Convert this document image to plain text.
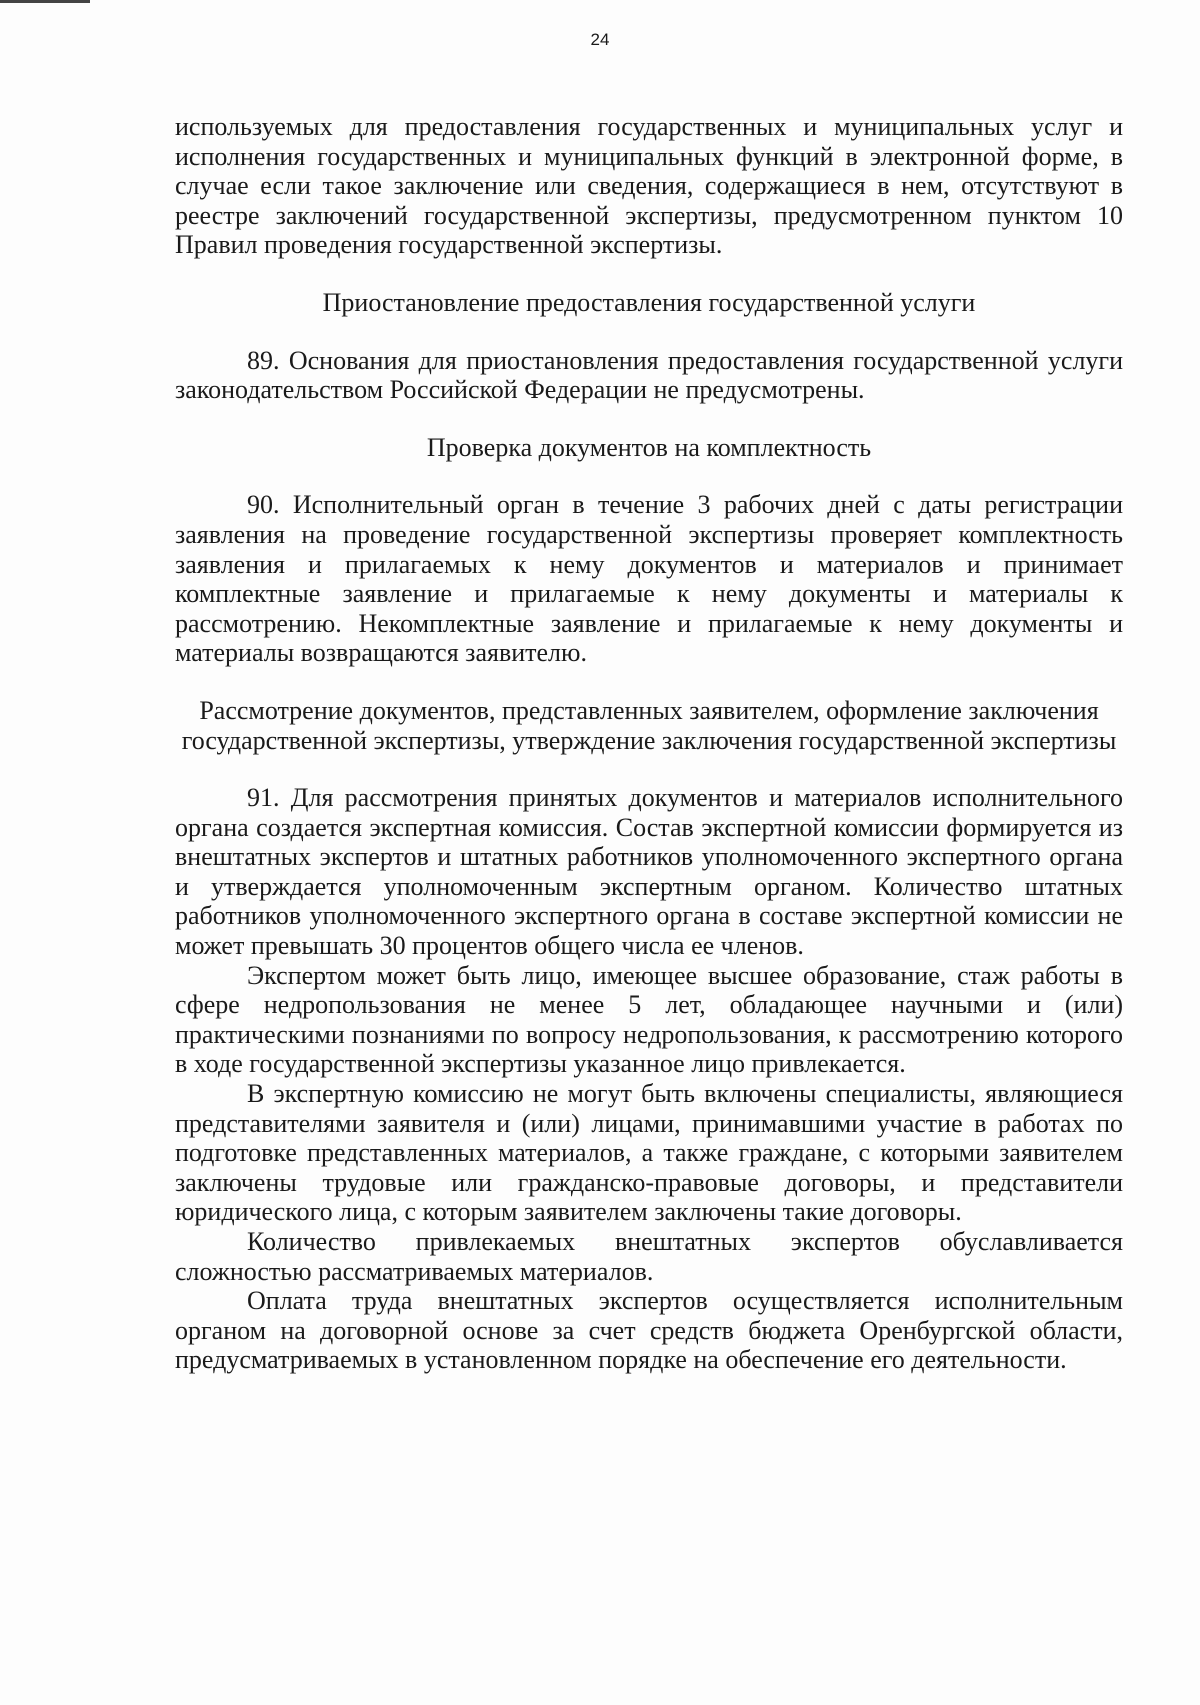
24

используемых для предоставления государственных и муниципальных услуг и исполнения государственных и муниципальных функций в электронной форме, в случае если такое заключение или сведения, содержащиеся в нем, отсутствуют в реестре заключений государственной экспертизы, предусмотренном пунктом 10 Правил проведения государственной экспертизы.

Приостановление предоставления государственной услуги

89. Основания для приостановления предоставления государственной услуги законодательством Российской Федерации не предусмотрены.

Проверка документов на комплектность

90. Исполнительный орган в течение 3 рабочих дней с даты регистрации заявления на проведение государственной экспертизы проверяет комплектность заявления и прилагаемых к нему документов и материалов и принимает комплектные заявление и прилагаемые к нему документы и материалы к рассмотрению. Некомплектные заявление и прилагаемые к нему документы и материалы возвращаются заявителю.

Рассмотрение документов, представленных заявителем, оформление заключения государственной экспертизы, утверждение заключения государственной экспертизы

91. Для рассмотрения принятых документов и материалов исполнительного органа создается экспертная комиссия. Состав экспертной комиссии формируется из внештатных экспертов и штатных работников уполномоченного экспертного органа и утверждается уполномоченным экспертным органом. Количество штатных работников уполномоченного экспертного органа в составе экспертной комиссии не может превышать 30 процентов общего числа ее членов.

Экспертом может быть лицо, имеющее высшее образование, стаж работы в сфере недропользования не менее 5 лет, обладающее научными и (или) практическими познаниями по вопросу недропользования, к рассмотрению которого в ходе государственной экспертизы указанное лицо привлекается.

В экспертную комиссию не могут быть включены специалисты, являющиеся представителями заявителя и (или) лицами, принимавшими участие в работах по подготовке представленных материалов, а также граждане, с которыми заявителем заключены трудовые или гражданско-правовые договоры, и представители юридического лица, с которым заявителем заключены такие договоры.

Количество привлекаемых внештатных экспертов обуславливается сложностью рассматриваемых материалов.

Оплата труда внештатных экспертов осуществляется исполнительным органом на договорной основе за счет средств бюджета Оренбургской области, предусматриваемых в установленном порядке на обеспечение его деятельности.
